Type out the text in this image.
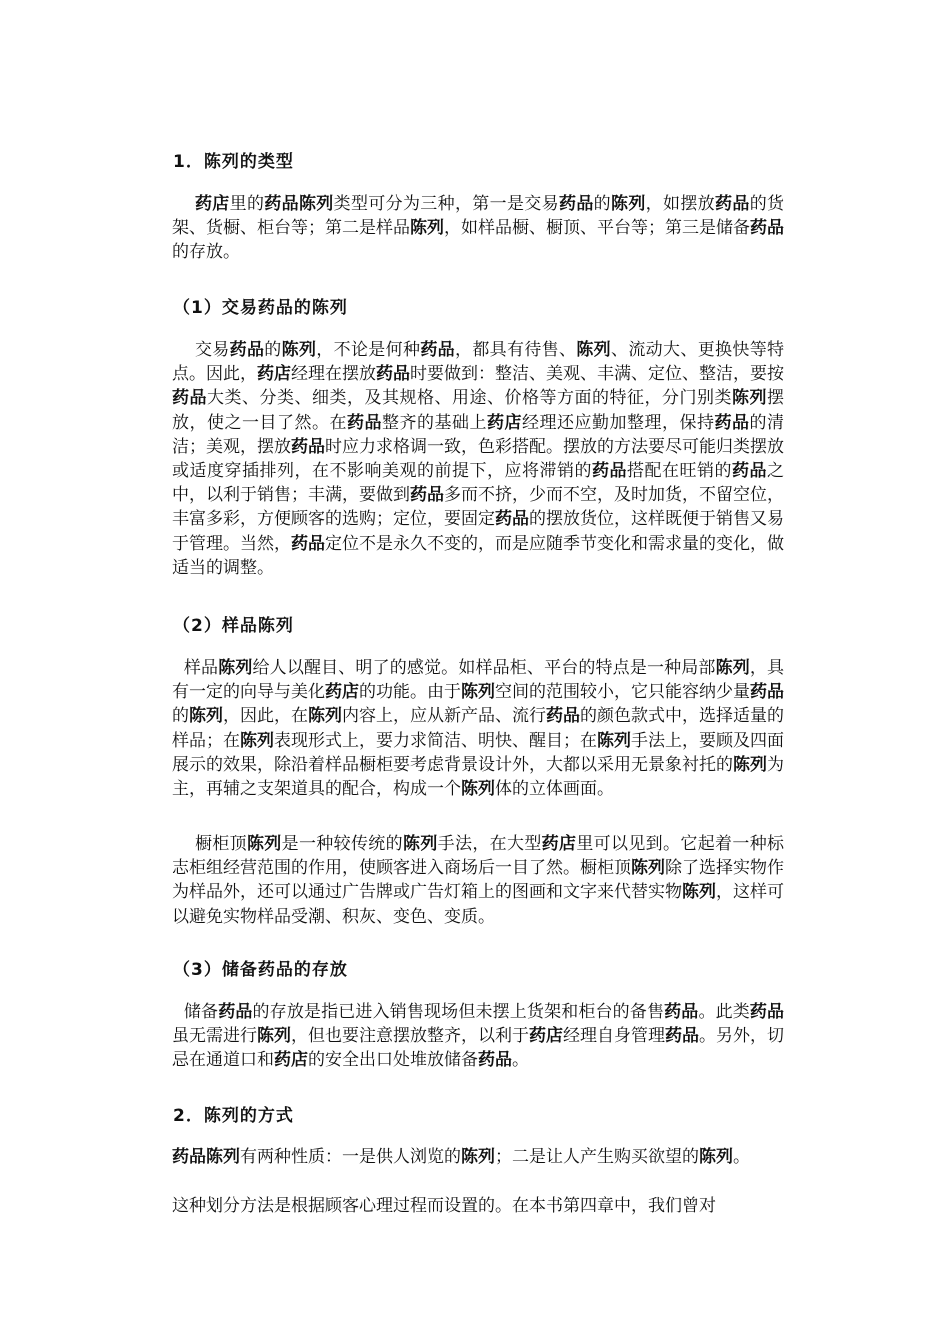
1．陈列的类型
药店里的药品陈列类型可分为三种，第一是交易药品的陈列，如摆放药品的货架、货橱、柜台等；第二是样品陈列，如样品橱、橱顶、平台等；第三是储备药品的存放。
（1）交易药品的陈列
交易药品的陈列，不论是何种药品，都具有待售、陈列、流动大、更换快等特点。因此，药店经理在摆放药品时要做到：整洁、美观、丰满、定位、整洁，要按药品大类、分类、细类，及其规格、用途、价格等方面的特征，分门别类陈列摆放，使之一目了然。在药品整齐的基础上药店经理还应勤加整理，保持药品的清洁；美观，摆放药品时应力求格调一致，色彩搭配。摆放的方法要尽可能归类摆放或适度穿插排列，在不影响美观的前提下，应将滞销的药品搭配在旺销的药品之中，以利于销售；丰满，要做到药品多而不挤，少而不空，及时加货，不留空位，丰富多彩，方便顾客的选购；定位，要固定药品的摆放货位，这样既便于销售又易于管理。当然，药品定位不是永久不变的，而是应随季节变化和需求量的变化，做适当的调整。
（2）样品陈列
样品陈列给人以醒目、明了的感觉。如样品柜、平台的特点是一种局部陈列，具有一定的向导与美化药店的功能。由于陈列空间的范围较小，它只能容纳少量药品的陈列，因此，在陈列内容上，应从新产品、流行药品的颜色款式中，选择适量的样品；在陈列表现形式上，要力求简洁、明快、醒目；在陈列手法上，要顾及四面展示的效果，除沿着样品橱柜要考虑背景设计外，大都以采用无景象衬托的陈列为主，再辅之支架道具的配合，构成一个陈列体的立体画面。
橱柜顶陈列是一种较传统的陈列手法，在大型药店里可以见到。它起着一种标志柜组经营范围的作用，使顾客进入商场后一目了然。橱柜顶陈列除了选择实物作为样品外，还可以通过广告牌或广告灯箱上的图画和文字来代替实物陈列，这样可以避免实物样品受潮、积灰、变色、变质。
（3）储备药品的存放
储备药品的存放是指已进入销售现场但未摆上货架和柜台的备售药品。此类药品虽无需进行陈列，但也要注意摆放整齐，以利于药店经理自身管理药品。另外，切忌在通道口和药店的安全出口处堆放储备药品。
2．陈列的方式
药品陈列有两种性质：一是供人浏览的陈列；二是让人产生购买欲望的陈列。
这种划分方法是根据顾客心理过程而设置的。在本书第四章中，我们曾对
